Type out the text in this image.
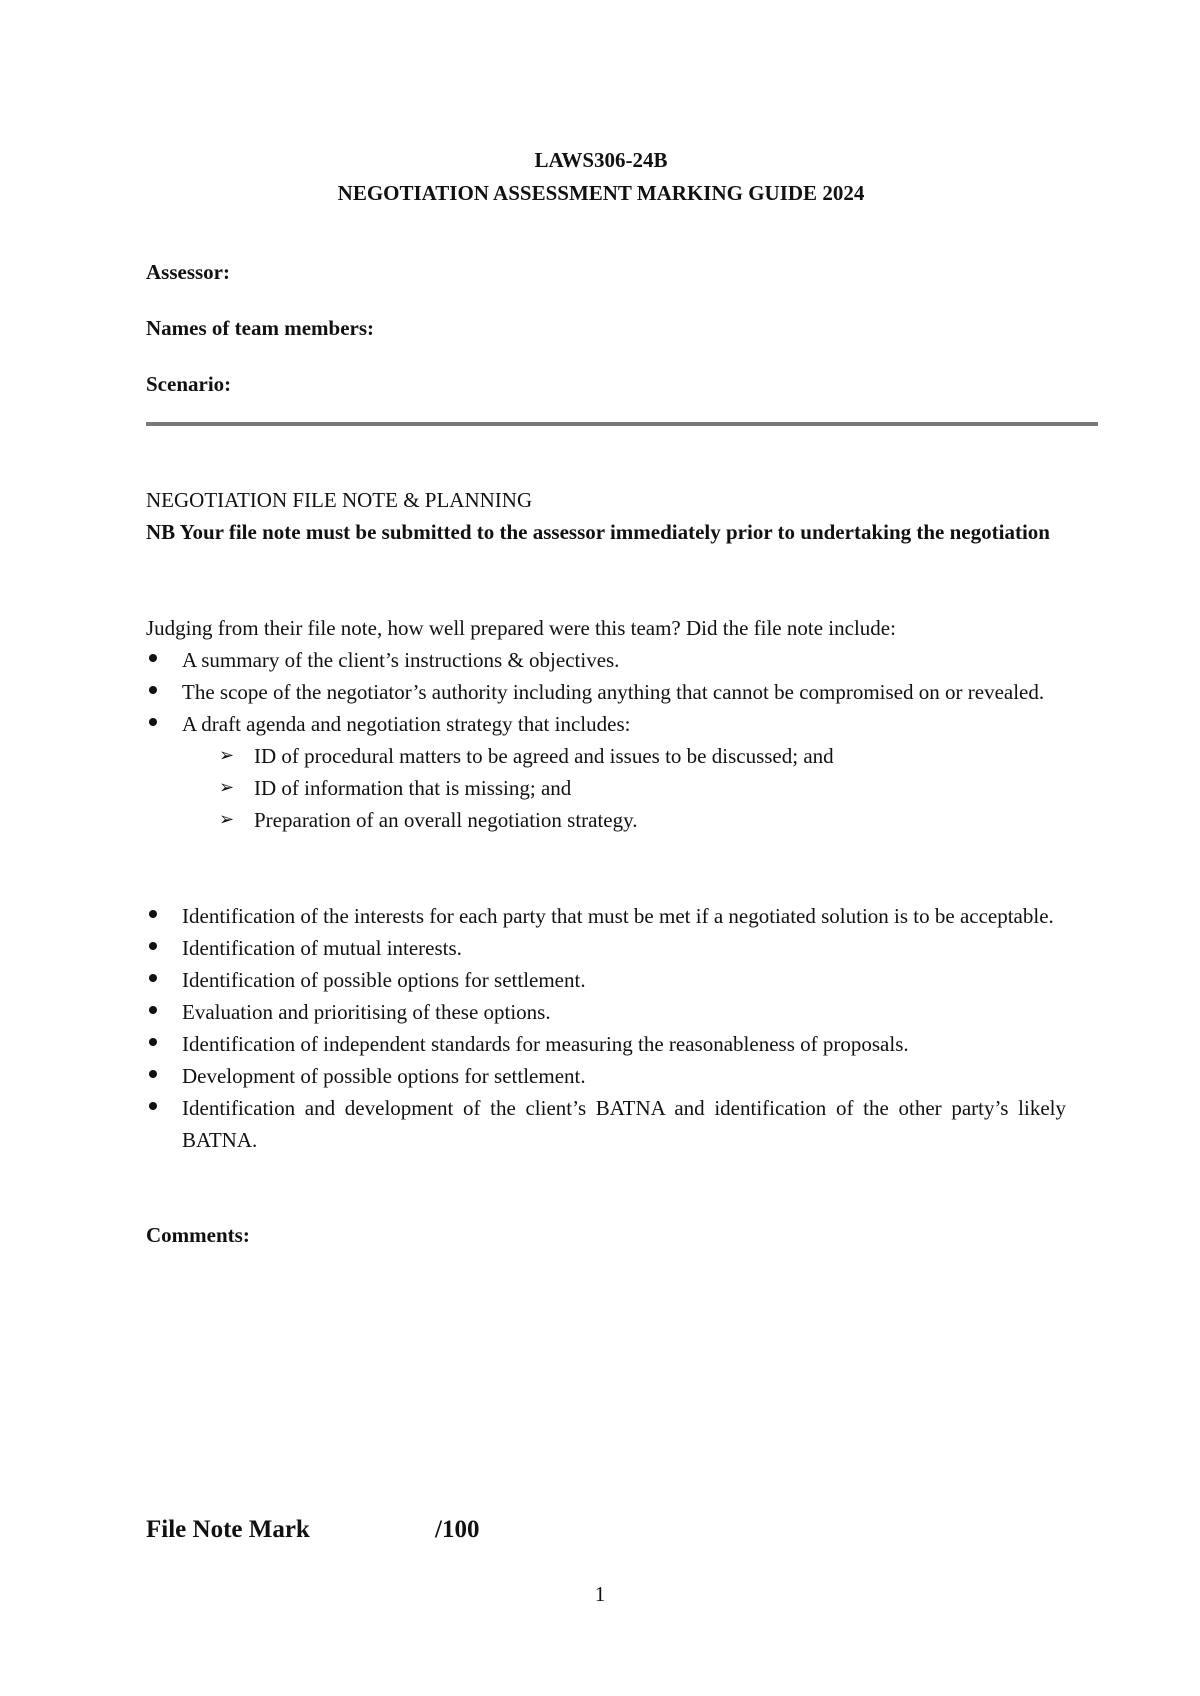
LAWS306-24B
NEGOTIATION ASSESSMENT MARKING GUIDE 2024
Assessor:
Names of team members:
Scenario:
NEGOTIATION FILE NOTE & PLANNING
NB Your file note must be submitted to the assessor immediately prior to undertaking the negotiation
Judging from their file note, how well prepared were this team? Did the file note include:
A summary of the client’s instructions & objectives.
The scope of the negotiator’s authority including anything that cannot be compromised on or revealed.
A draft agenda and negotiation strategy that includes:
➢ ID of procedural matters to be agreed and issues to be discussed; and
➢ ID of information that is missing; and
➢ Preparation of an overall negotiation strategy.
Identification of the interests for each party that must be met if a negotiated solution is to be acceptable.
Identification of mutual interests.
Identification of possible options for settlement.
Evaluation and prioritising of these options.
Identification of independent standards for measuring the reasonableness of proposals.
Development of possible options for settlement.
Identification and development of the client’s BATNA and identification of the other party’s likely BATNA.
Comments:
File Note Mark	/100
1
